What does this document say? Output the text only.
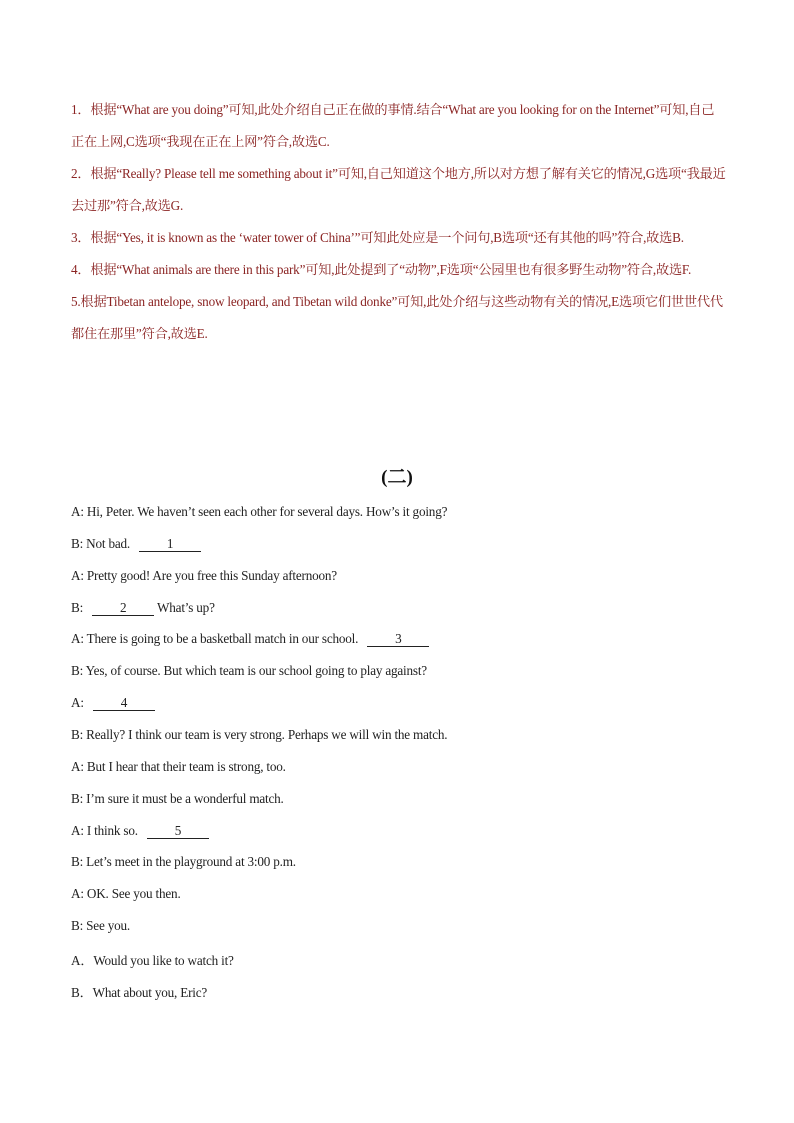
1．根据“What are you doing”可知,此处介绍自己正在做的事情.结合“What are you looking for on the Internet”可知,自己正在上网,C选项“我现在正在上网”符合,故选C.

2．根据“Really? Please tell me something about it”可知,自己知道这个地方,所以对方想了解有关它的情况,G选项“我最近去过那”符合,故选G.

3．根据“Yes, it is known as the ‘water tower of China’”可知此处应是一个问句,B选项“还有其他的吗”符合,故选B.

4．根据“What animals are there in this park”可知,此处提到了“动物”,F选项“公园里也有很多野生动物”符合,故选F.

5.根据Tibetan antelope, snow leopard, and Tibetan wild donke”可知,此处介绍与这些动物有关的情况,E选项它们世世代代都住在那里”符合,故选E.

(二)
A: Hi, Peter. We haven’t seen each other for several days. How’s it going?
B: Not bad.	1
A: Pretty good! Are you free this Sunday afternoon?
B:	2 What’s up?
A: There is going to be a basketball match in our school.	3
B: Yes, of course. But which team is our school going to play against?
A:	4
B: Really? I think our team is very strong. Perhaps we will win the match.
A: But I hear that their team is strong, too.
B: I’m sure it must be a wonderful match.
A: I think so.	5
B: Let’s meet in the playground at 3:00 p.m.
A: OK. See you then.
B: See you.
A．Would you like to watch it?
B．What about you, Eric?
